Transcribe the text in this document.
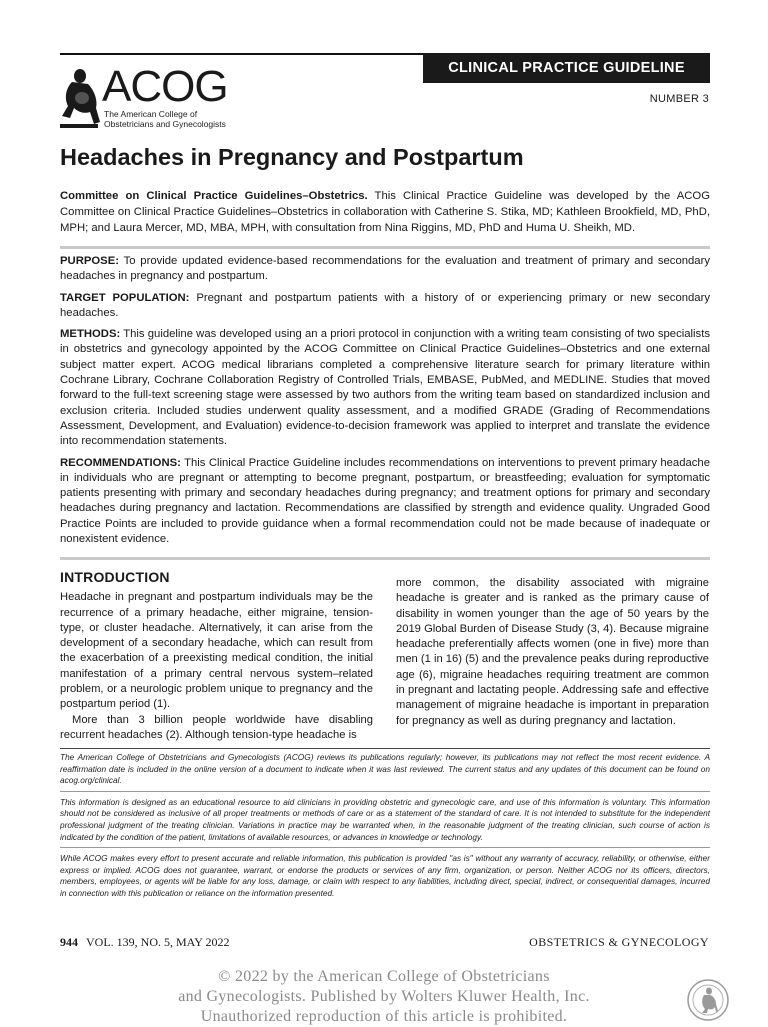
CLINICAL PRACTICE GUIDELINE
NUMBER 3
ACOG
The American College of
Obstetricians and Gynecologists
Headaches in Pregnancy and Postpartum

Committee on Clinical Practice Guidelines–Obstetrics. This Clinical Practice Guideline was developed by the ACOG Committee on Clinical Practice Guidelines–Obstetrics in collaboration with Catherine S. Stika, MD; Kathleen Brookfield, MD, PhD, MPH; and Laura Mercer, MD, MBA, MPH, with consultation from Nina Riggins, MD, PhD and Huma U. Sheikh, MD.

PURPOSE: To provide updated evidence-based recommendations for the evaluation and treatment of primary and secondary headaches in pregnancy and postpartum.

TARGET POPULATION: Pregnant and postpartum patients with a history of or experiencing primary or new secondary headaches.

METHODS: This guideline was developed using an a priori protocol in conjunction with a writing team consisting of two specialists in obstetrics and gynecology appointed by the ACOG Committee on Clinical Practice Guidelines–Obstetrics and one external subject matter expert. ACOG medical librarians completed a comprehensive literature search for primary literature within Cochrane Library, Cochrane Collaboration Registry of Controlled Trials, EMBASE, PubMed, and MEDLINE. Studies that moved forward to the full-text screening stage were assessed by two authors from the writing team based on standardized inclusion and exclusion criteria. Included studies underwent quality assessment, and a modified GRADE (Grading of Recommendations Assessment, Development, and Evaluation) evidence-to-decision framework was applied to interpret and translate the evidence into recommendation statements.

RECOMMENDATIONS: This Clinical Practice Guideline includes recommendations on interventions to prevent primary headache in individuals who are pregnant or attempting to become pregnant, postpartum, or breastfeeding; evaluation for symptomatic patients presenting with primary and secondary headaches during pregnancy; and treatment options for primary and secondary headaches during pregnancy and lactation. Recommendations are classified by strength and evidence quality. Ungraded Good Practice Points are included to provide guidance when a formal recommendation could not be made because of inadequate or nonexistent evidence.

INTRODUCTION

Headache in pregnant and postpartum individuals may be the recurrence of a primary headache, either migraine, tension-type, or cluster headache. Alternatively, it can arise from the development of a secondary headache, which can result from the exacerbation of a preexisting medical condition, the initial manifestation of a primary central nervous system–related problem, or a neurologic problem unique to pregnancy and the postpartum period (1).

More than 3 billion people worldwide have disabling recurrent headaches (2). Although tension-type headache is

more common, the disability associated with migraine headache is greater and is ranked as the primary cause of disability in women younger than the age of 50 years by the 2019 Global Burden of Disease Study (3, 4). Because migraine headache preferentially affects women (one in five) more than men (1 in 16) (5) and the prevalence peaks during reproductive age (6), migraine headaches requiring treatment are common in pregnant and lactating people. Addressing safe and effective management of migraine headache is important in preparation for pregnancy as well as during pregnancy and lactation.

The American College of Obstetricians and Gynecologists (ACOG) reviews its publications regularly; however, its publications may not reflect the most recent evidence. A reaffirmation date is included in the online version of a document to indicate when it was last reviewed. The current status and any updates of this document can be found on acog.org/clinical.

This information is designed as an educational resource to aid clinicians in providing obstetric and gynecologic care, and use of this information is voluntary. This information should not be considered as inclusive of all proper treatments or methods of care or as a statement of the standard of care. It is not intended to substitute for the independent professional judgment of the treating clinician. Variations in practice may be warranted when, in the reasonable judgment of the treating clinician, such course of action is indicated by the condition of the patient, limitations of available resources, or advances in knowledge or technology.

While ACOG makes every effort to present accurate and reliable information, this publication is provided "as is" without any warranty of accuracy, reliability, or otherwise, either express or implied. ACOG does not guarantee, warrant, or endorse the products or services of any firm, organization, or person. Neither ACOG nor its officers, directors, members, employees, or agents will be liable for any loss, damage, or claim with respect to any liabilities, including direct, special, indirect, or consequential damages, incurred in connection with this publication or reliance on the information presented.

944 VOL. 139, NO. 5, MAY 2022	OBSTETRICS & GYNECOLOGY
© 2022 by the American College of Obstetricians
and Gynecologists. Published by Wolters Kluwer Health, Inc.
Unauthorized reproduction of this article is prohibited.
